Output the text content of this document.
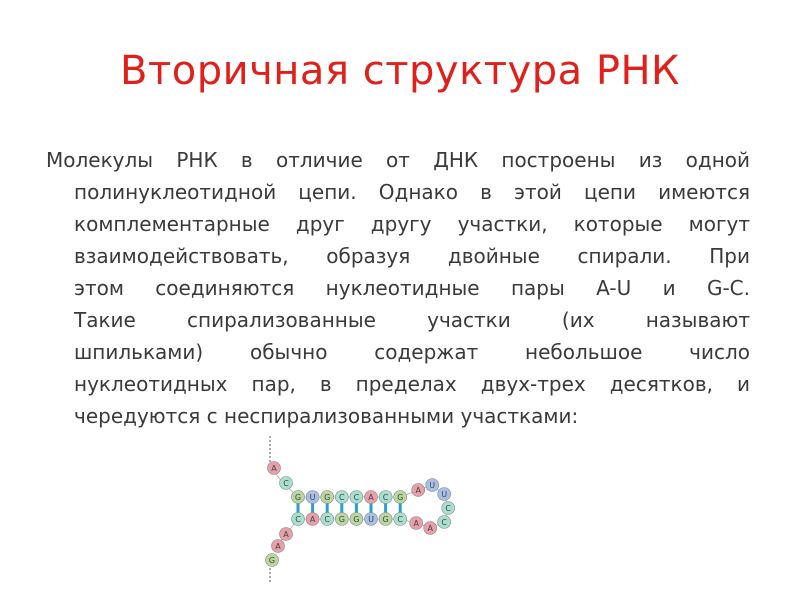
Вторичная структура РНК
Молекулы РНК в отличие от ДНК построены из одной
полинуклеотидной цепи. Однако в этой цепи имеются
комплементарные друг другу участки, которые могут
взаимодействовать, образуя двойные спирали. При
этом соединяются нуклеотидные пары A-U и G-C.
Такие спирализованные участки (их называют
шпильками) обычно содержат небольшое число
нуклеотидных пар, в пределах двух-трех десятков, и
чередуются с неспирализованными участками:
A
C
G
C
U
A
G
C
C
G
C
G
A
U
C
G
G
C
A
U
U
C
C
A
A
A
A
G
